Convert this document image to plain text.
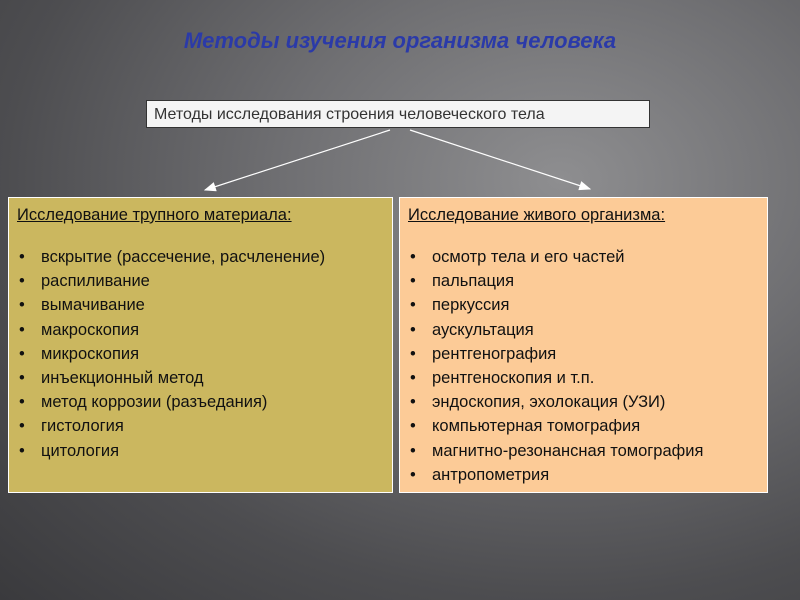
Методы изучения организма человека
Методы исследования строения человеческого тела
Исследование трупного материала:
• вскрытие (рассечение, расчленение)
• распиливание
• вымачивание
• макроскопия
• микроскопия
• инъекционный метод
• метод коррозии (разъедания)
• гистология
• цитология
Исследование живого организма:
• осмотр тела и его частей
• пальпация
• перкуссия
• аускультация
• рентгенография
• рентгеноскопия и т.п.
• эндоскопия, эхолокация (УЗИ)
• компьютерная томография
• магнитно-резонансная томография
• антропометрия
